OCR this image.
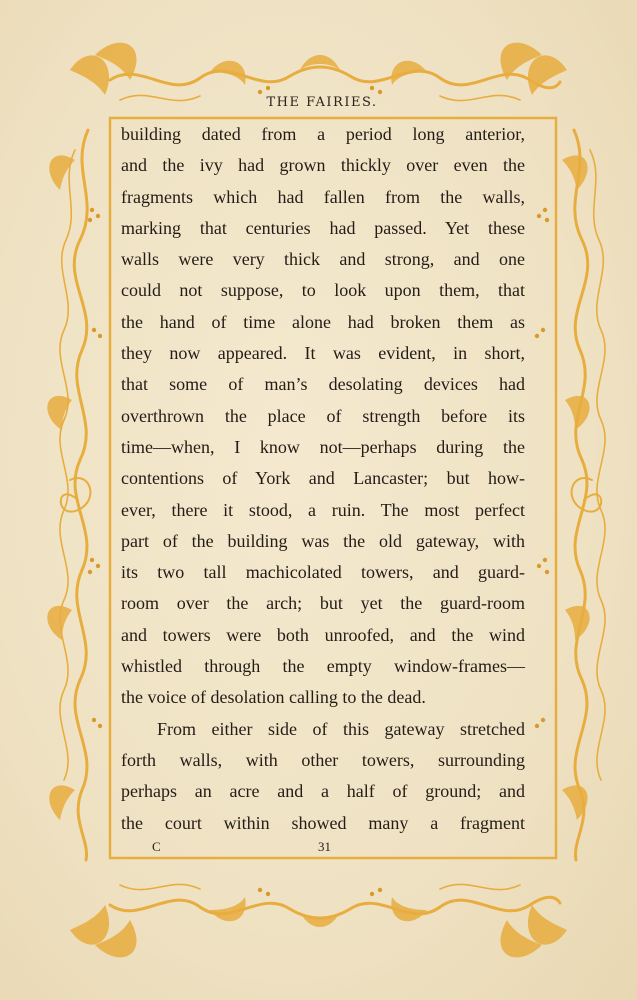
THE FAIRIES.
building dated from a period long anterior,
and the ivy had grown thickly over even the
fragments which had fallen from the walls,
marking that centuries had passed. Yet these
walls were very thick and strong, and one
could not suppose, to look upon them, that
the hand of time alone had broken them as
they now appeared. It was evident, in short,
that some of man’s desolating devices had
overthrown the place of strength before its
time—when, I know not—perhaps during the
contentions of York and Lancaster; but how-
ever, there it stood, a ruin. The most perfect
part of the building was the old gateway, with
its two tall machicolated towers, and guard-
room over the arch; but yet the guard-room
and towers were both unroofed, and the wind
whistled through the empty window-frames—
the voice of desolation calling to the dead.
From either side of this gateway stretched
forth walls, with other towers, surrounding
perhaps an acre and a half of ground; and
the court within showed many a fragment
C	31
